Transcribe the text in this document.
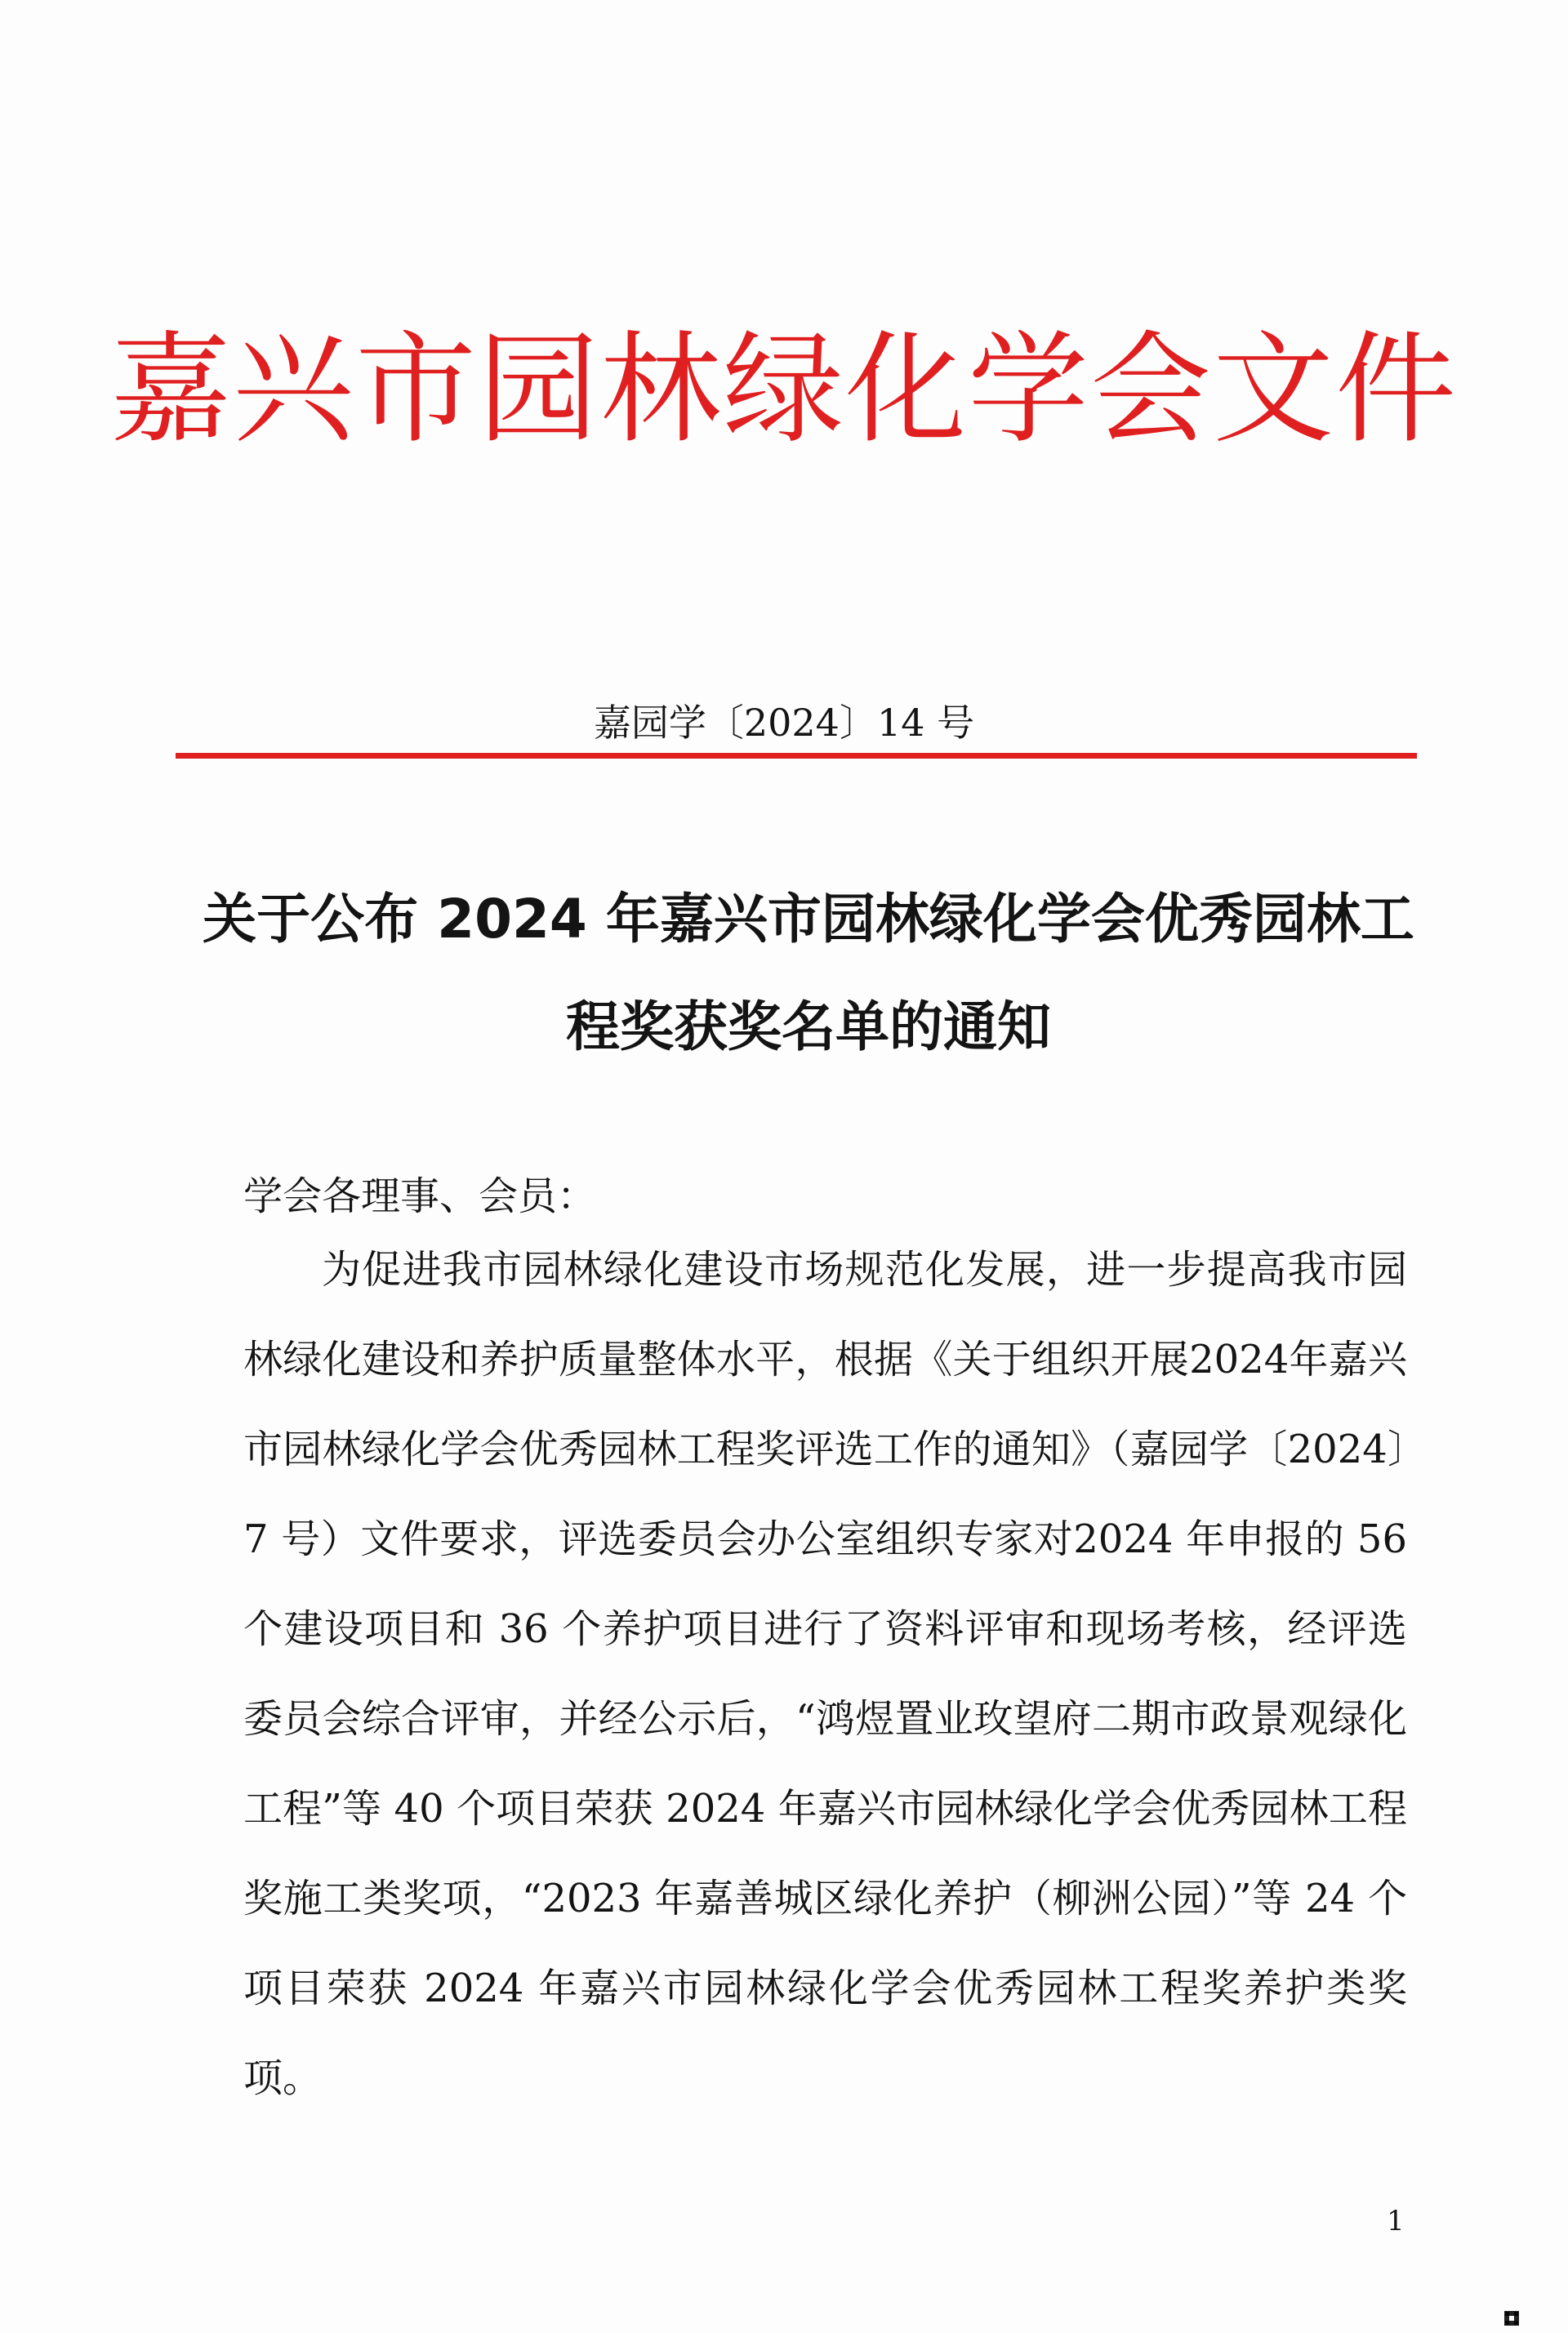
嘉兴市园林绿化学会文件
嘉园学〔2024〕14 号
关于公布 2024 年嘉兴市园林绿化学会优秀园林工程奖获奖名单的通知
学会各理事、会员：
为促进我市园林绿化建设市场规范化发展，进一步提高我市园林绿化建设和养护质量整体水平，根据《关于组织开展2024年嘉兴市园林绿化学会优秀园林工程奖评选工作的通知》（嘉园学〔2024〕7 号）文件要求，评选委员会办公室组织专家对2024 年申报的 56 个建设项目和 36 个养护项目进行了资料评审和现场考核，经评选委员会综合评审，并经公示后，“鸿煜置业玫望府二期市政景观绿化工程”等 40 个项目荣获 2024 年嘉兴市园林绿化学会优秀园林工程奖施工类奖项，“2023 年嘉善城区绿化养护（柳洲公园）”等 24 个项目荣获 2024 年嘉兴市园林绿化学会优秀园林工程奖养护类奖项。
1
